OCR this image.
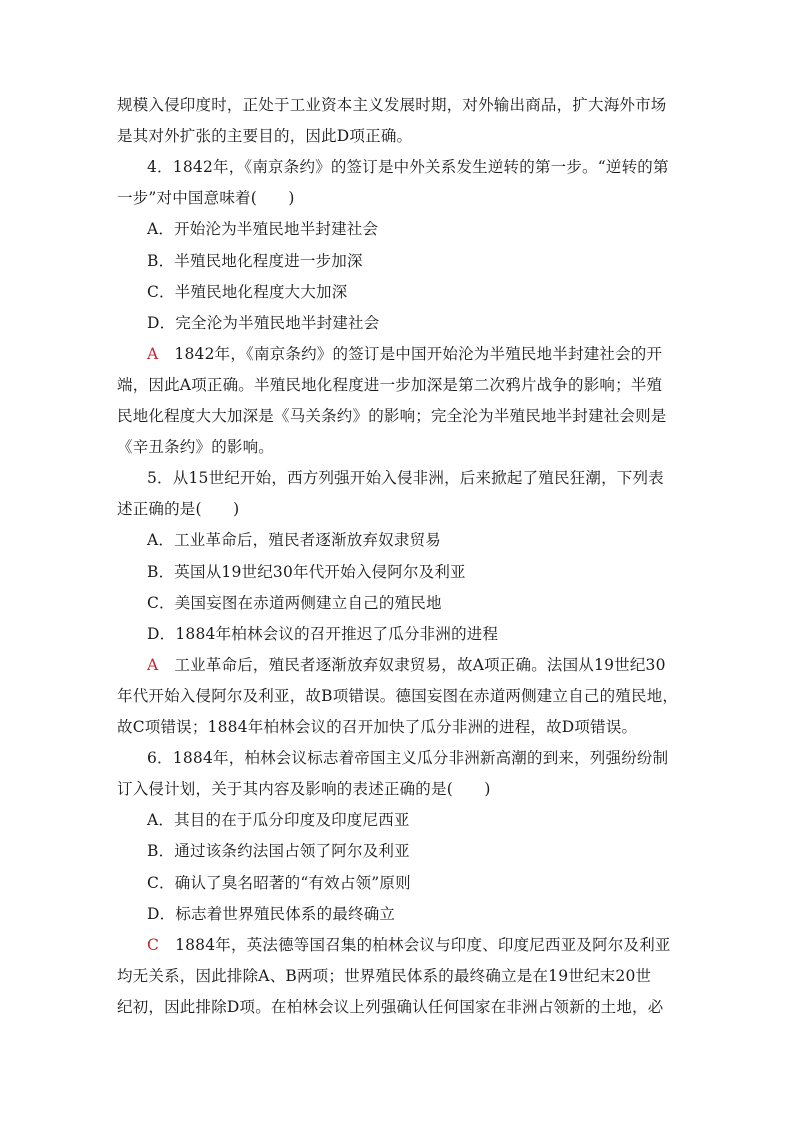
规模入侵印度时，正处于工业资本主义发展时期，对外输出商品，扩大海外市场
是其对外扩张的主要目的，因此D项正确。
4．1842年，《南京条约》的签订是中外关系发生逆转的第一步。“逆转的第
一步”对中国意味着(　　)
A．开始沦为半殖民地半封建社会
B．半殖民地化程度进一步加深
C．半殖民地化程度大大加深
D．完全沦为半殖民地半封建社会
A 1842年，《南京条约》的签订是中国开始沦为半殖民地半封建社会的开
端，因此A项正确。半殖民地化程度进一步加深是第二次鸦片战争的影响；半殖
民地化程度大大加深是《马关条约》的影响；完全沦为半殖民地半封建社会则是
《辛丑条约》的影响。
5．从15世纪开始，西方列强开始入侵非洲，后来掀起了殖民狂潮，下列表
述正确的是(　　)
A．工业革命后，殖民者逐渐放弃奴隶贸易
B．英国从19世纪30年代开始入侵阿尔及利亚
C．美国妄图在赤道两侧建立自己的殖民地
D．1884年柏林会议的召开推迟了瓜分非洲的进程
A 工业革命后，殖民者逐渐放弃奴隶贸易，故A项正确。法国从19世纪30
年代开始入侵阿尔及利亚，故B项错误。德国妄图在赤道两侧建立自己的殖民地，
故C项错误；1884年柏林会议的召开加快了瓜分非洲的进程，故D项错误。
6．1884年，柏林会议标志着帝国主义瓜分非洲新高潮的到来，列强纷纷制
订入侵计划，关于其内容及影响的表述正确的是(　　)
A．其目的在于瓜分印度及印度尼西亚
B．通过该条约法国占领了阿尔及利亚
C．确认了臭名昭著的“有效占领”原则
D．标志着世界殖民体系的最终确立
C 1884年，英法德等国召集的柏林会议与印度、印度尼西亚及阿尔及利亚
均无关系，因此排除A、B两项；世界殖民体系的最终确立是在19世纪末20世
纪初，因此排除D项。在柏林会议上列强确认任何国家在非洲占领新的土地，必
